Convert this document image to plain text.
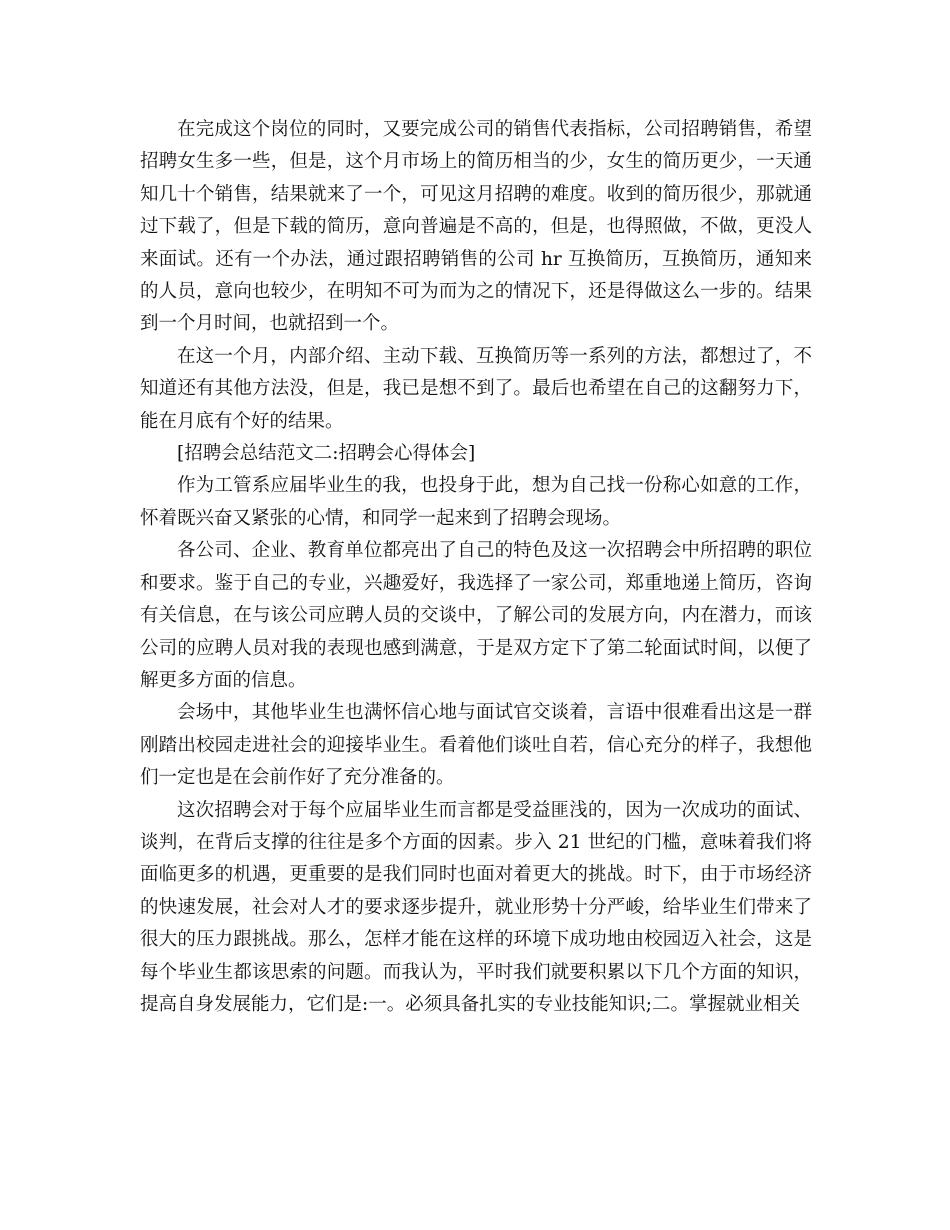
在完成这个岗位的同时，又要完成公司的销售代表指标，公司招聘销售，希望招聘女生多一些，但是，这个月市场上的简历相当的少，女生的简历更少，一天通知几十个销售，结果就来了一个，可见这月招聘的难度。收到的简历很少，那就通过下载了，但是下载的简历，意向普遍是不高的，但是，也得照做，不做，更没人来面试。还有一个办法，通过跟招聘销售的公司 hr 互换简历，互换简历，通知来的人员，意向也较少，在明知不可为而为之的情况下，还是得做这么一步的。结果到一个月时间，也就招到一个。

在这一个月，内部介绍、主动下载、互换简历等一系列的方法，都想过了，不知道还有其他方法没，但是，我已是想不到了。最后也希望在自己的这翻努力下，能在月底有个好的结果。

[招聘会总结范文二:招聘会心得体会]

作为工管系应届毕业生的我，也投身于此，想为自己找一份称心如意的工作，怀着既兴奋又紧张的心情，和同学一起来到了招聘会现场。

各公司、企业、教育单位都亮出了自己的特色及这一次招聘会中所招聘的职位和要求。鉴于自己的专业，兴趣爱好，我选择了一家公司，郑重地递上简历，咨询有关信息，在与该公司应聘人员的交谈中，了解公司的发展方向，内在潜力，而该公司的应聘人员对我的表现也感到满意，于是双方定下了第二轮面试时间，以便了解更多方面的信息。

会场中，其他毕业生也满怀信心地与面试官交谈着，言语中很难看出这是一群刚踏出校园走进社会的迎接毕业生。看着他们谈吐自若，信心充分的样子，我想他们一定也是在会前作好了充分准备的。

这次招聘会对于每个应届毕业生而言都是受益匪浅的，因为一次成功的面试、谈判，在背后支撑的往往是多个方面的因素。步入 21 世纪的门槛，意味着我们将面临更多的机遇，更重要的是我们同时也面对着更大的挑战。时下，由于市场经济的快速发展，社会对人才的要求逐步提升，就业形势十分严峻，给毕业生们带来了很大的压力跟挑战。那么，怎样才能在这样的环境下成功地由校园迈入社会，这是每个毕业生都该思索的问题。而我认为，平时我们就要积累以下几个方面的知识，提高自身发展能力，它们是:一。必须具备扎实的专业技能知识;二。掌握就业相关
